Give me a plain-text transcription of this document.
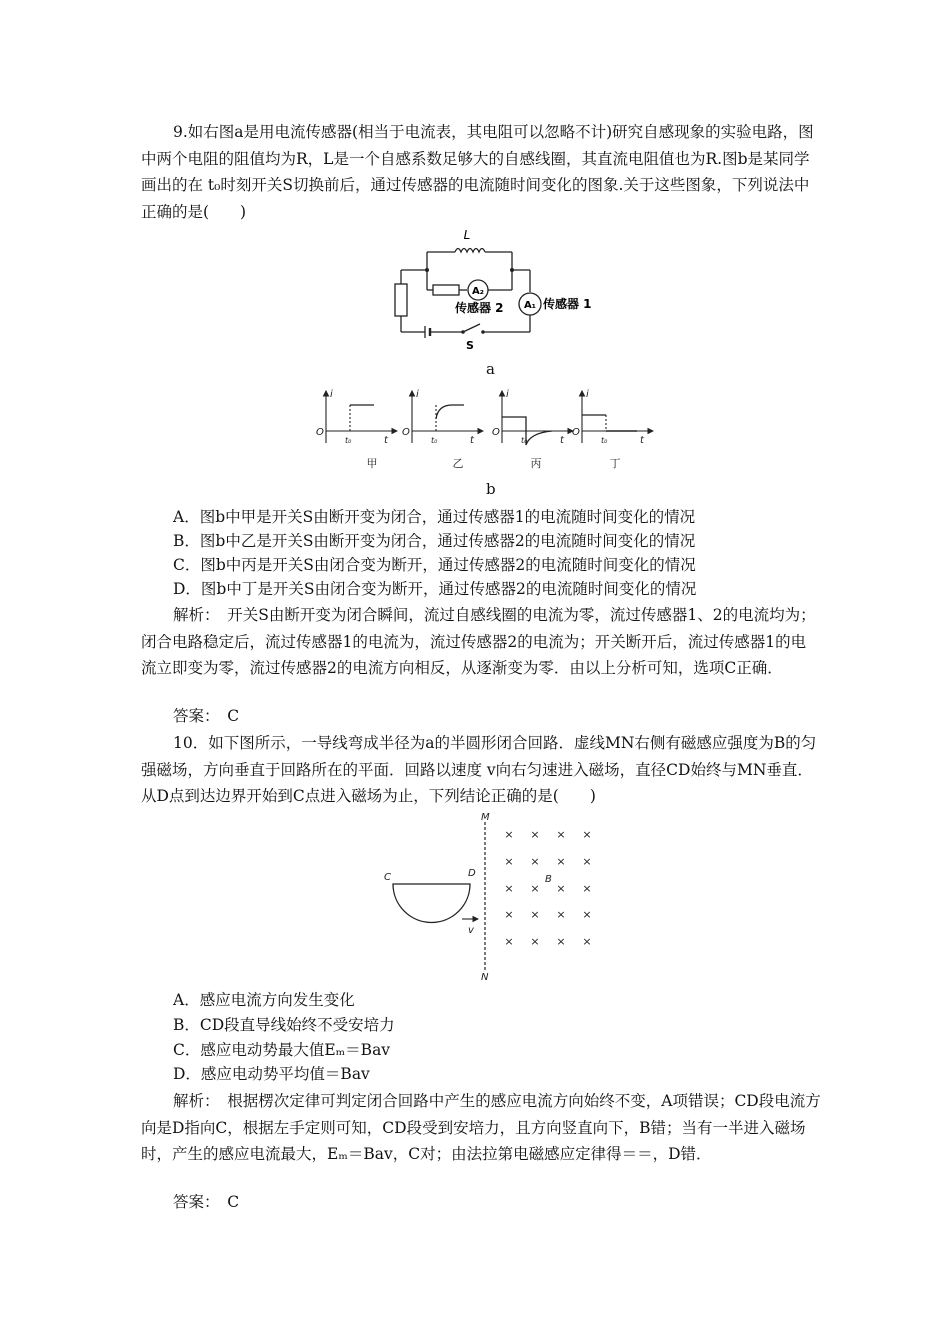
9.如右图a是用电流传感器(相当于电流表，其电阻可以忽略不计)研究自感现象的实验电路，图中两个电阻的阻值均为R，L是一个自感系数足够大的自感线圈，其直流电阻值也为R.图b是某同学画出的在 t₀时刻开关S切换前后，通过传感器的电流随时间变化的图象.关于这些图象，下列说法中正确的是(　　)

L
A₂
A₁
传感器 2	传感器 1
S
a
i	i	i	i
O	O	O	O
t	t	t	t
t₀	t₀	t₀	t₀
甲	乙	丙	丁
b
A．图b中甲是开关S由断开变为闭合，通过传感器1的电流随时间变化的情况
B．图b中乙是开关S由断开变为闭合，通过传感器2的电流随时间变化的情况
C．图b中丙是开关S由闭合变为断开，通过传感器2的电流随时间变化的情况
D．图b中丁是开关S由闭合变为断开，通过传感器2的电流随时间变化的情况

解析：　开关S由断开变为闭合瞬间，流过自感线圈的电流为零，流过传感器1、2的电流均为；闭合电路稳定后，流过传感器1的电流为，流过传感器2的电流为；开关断开后，流过传感器1的电流立即变为零，流过传感器2的电流方向相反，从逐渐变为零．由以上分析可知，选项C正确．

答案：　C

10．如下图所示，一导线弯成半径为a的半圆形闭合回路．虚线MN右侧有磁感应强度为B的匀强磁场，方向垂直于回路所在的平面．回路以速度 v向右匀速进入磁场，直径CD始终与MN垂直．从D点到达边界开始到C点进入磁场为止，下列结论正确的是(　　)

× × × ×
× × × ×
× × × ×
× × × ×
× × × ×
M
N
C	D
B
v
A．感应电流方向发生变化
B．CD段直导线始终不受安培力
C．感应电动势最大值Eₘ＝Bav
D．感应电动势平均值＝Bav

解析：　根据楞次定律可判定闭合回路中产生的感应电流方向始终不变，A项错误；CD段电流方向是D指向C，根据左手定则可知，CD段受到安培力，且方向竖直向下，B错；当有一半进入磁场时，产生的感应电流最大，Eₘ＝Bav，C对；由法拉第电磁感应定律得＝＝，D错．

答案：　C
